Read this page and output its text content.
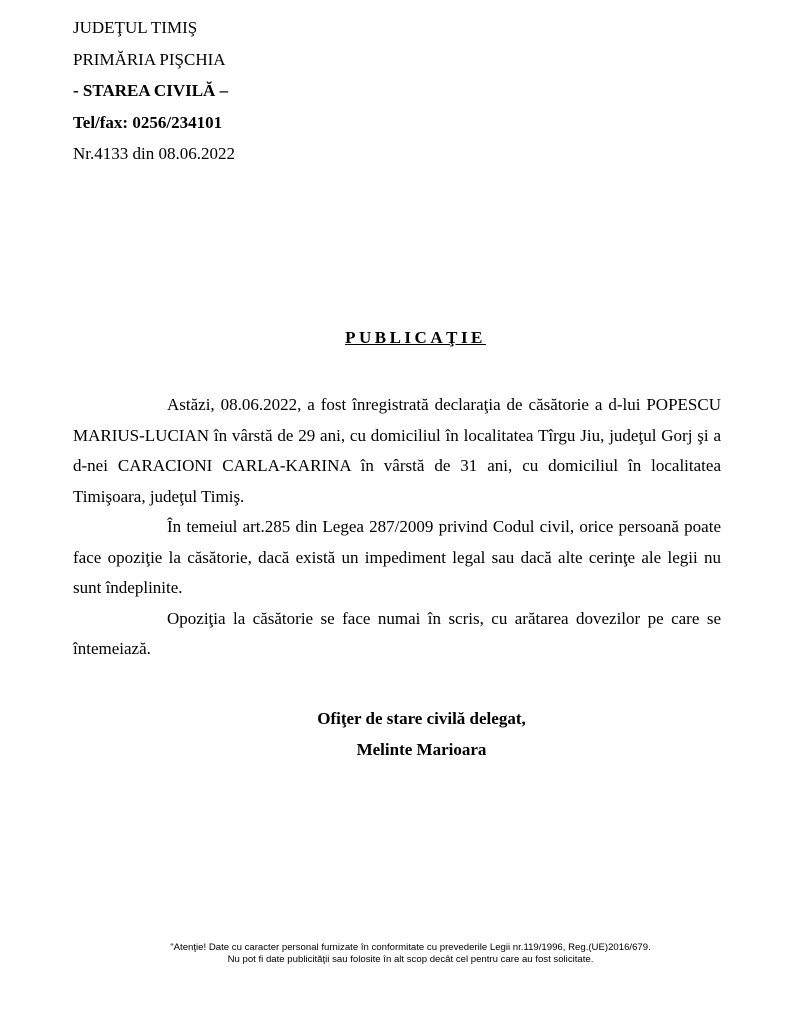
JUDEŢUL TIMIŞ
PRIMĂRIA PIŞCHIA
- STAREA CIVILĂ –
Tel/fax: 0256/234101
Nr.4133 din 08.06.2022
PUBLICAŢIE

Astăzi, 08.06.2022, a fost înregistrată declaraţia de căsătorie a d-lui POPESCU MARIUS-LUCIAN în vârstă de 29 ani, cu domiciliul în localitatea Tîrgu Jiu, judeţul Gorj şi a d-nei CARACIONI CARLA-KARINA în vârstă de 31 ani, cu domiciliul în localitatea Timişoara, judeţul Timiş.

În temeiul art.285 din Legea 287/2009 privind Codul civil, orice persoană poate face opoziţie la căsătorie, dacă există un impediment legal sau dacă alte cerinţe ale legii nu sunt îndeplinite.

Opoziţia la căsătorie se face numai în scris, cu arătarea dovezilor pe care se întemeiază.

Ofiţer de stare civilă delegat,
Melinte Marioara
"Atenţie! Date cu caracter personal furnizate în conformitate cu prevederile Legii nr.119/1996, Reg.(UE)2016/679.
Nu pot fi date publicităţii sau folosite în alt scop decât cel pentru care au fost solicitate.
